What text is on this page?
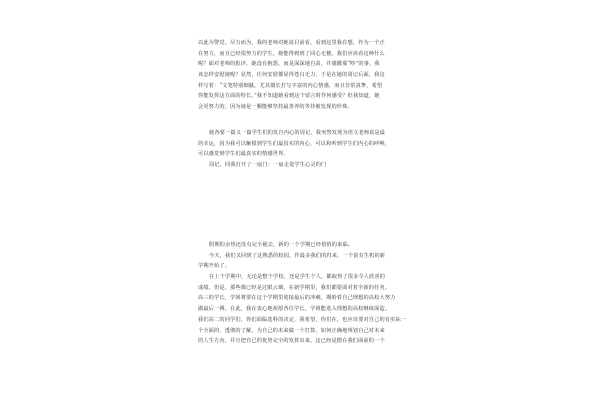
以此为警觉。尽力而为，我的老师对她说目前看，看到这里我在想，作为一个正
在努力，而且已经很努力的学生，她能得到到了回心无憾。我们应该看这种什么
呢？面对老师的批评，她没有抱怨，而是深深地自责，并感激那“吵”的事。我
该怎样安慰她呢？显然，任何安慰都显得苍白无力，于是在她的周记后面，我这
样写着：“文笔特别细腻，尤其擅长打写丰富的内心情感，而且非常真挚，希望
你能发挥这方面的特长。”我不知道她看到这个留言时作何感受？但我知道，她
会更努力的，因为她是一颗能够坚持最善养的等待被发现的珍珠。
她各要一篇又一篇学生们的发自内心的周记，我突然发现为语文老师真是最
的幸运，因为我可以触摸到学生们最真实的内心，可以和听到学生们内心的呼唤，
可以感觉到学生们最真实的情感世界。
周记，同我打开了一扇门：一扇走进学生心灵的门
假期的余热还没有完全褪去，新的一个学期已经悄悄的来临。
今天，我们又回到了这熟悉的校园，作最多我们的归来，一个富有生机的新
学期开始了。
在上个学期中，无论是整个学校，还是学生个人，都取得了很多令人欣喜的
成绩。但是，那些都已经是过眼云烟，在新学期里，我们都要面对着全新的任务。
高三的学长，学姐将要在这个学期里迎接最后的冲刺，期盼着自己理想的高校大努力
做最后一搏。在此，我在衷心地祝愿各位学长，学姐能进入理想的高校继续深造。
我们高二的同学们，你们面临选科的决定，我希望，你们在，也应该要对自己的有实际一
个全面的，透彻的了解，为自己的未来做一个打算，如何正确地规划自己对未来
的人生方向，并且把自己的优势完全的发挥出来。这已经是摆在我们面前的一个
